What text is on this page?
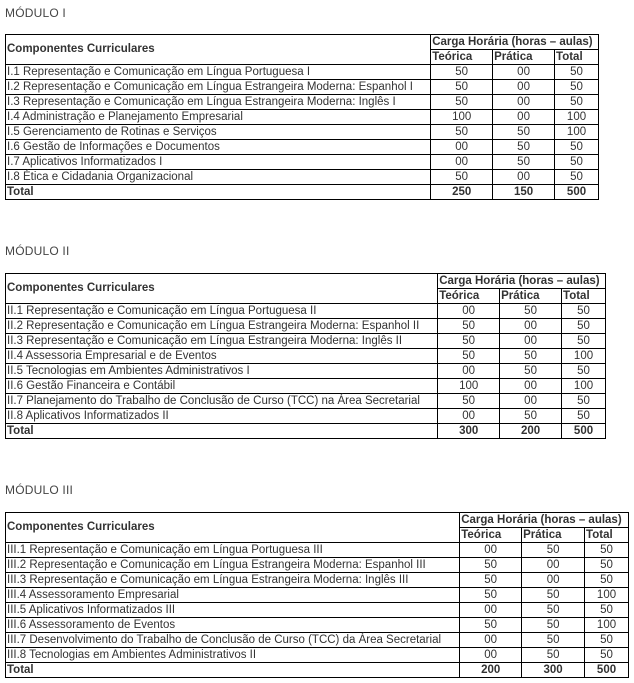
MÓDULO I
Componentes Curriculares	Carga Horária (horas – aulas)		
	Teórica	Prática	Total
I.1 Representação e Comunicação em Língua Portuguesa I	50	00	50
I.2 Representação e Comunicação em Língua Estrangeira Moderna: Espanhol I	50	00	50
I.3 Representação e Comunicação em Língua Estrangeira Moderna: Inglês I	50	00	50
I.4 Administração e Planejamento Empresarial	100	00	100
I.5 Gerenciamento de Rotinas e Serviços	50	50	100
I.6 Gestão de Informações e Documentos	00	50	50
I.7 Aplicativos Informatizados I	00	50	50
I.8 Ética e Cidadania Organizacional	50	00	50
Total	250	150	500
MÓDULO II
Componentes Curriculares	Carga Horária (horas – aulas)		
	Teórica	Prática	Total
II.1 Representação e Comunicação em Língua Portuguesa II	00	50	50
II.2 Representação e Comunicação em Língua Estrangeira Moderna: Espanhol II	50	00	50
II.3 Representação e Comunicação em Língua Estrangeira Moderna: Inglês II	50	00	50
II.4 Assessoria Empresarial e de Eventos	50	50	100
II.5 Tecnologias em Ambientes Administrativos I	00	50	50
II.6 Gestão Financeira e Contábil	100	00	100
II.7 Planejamento do Trabalho de Conclusão de Curso (TCC) na Área Secretarial	50	00	50
II.8 Aplicativos Informatizados II	00	50	50
Total	300	200	500
MÓDULO III
Componentes Curriculares	Carga Horária (horas – aulas)		
	Teórica	Prática	Total
III.1 Representação e Comunicação em Língua Portuguesa III	00	50	50
III.2 Representação e Comunicação em Língua Estrangeira Moderna: Espanhol III	50	00	50
III.3 Representação e Comunicação em Língua Estrangeira Moderna: Inglês III	50	00	50
III.4 Assessoramento Empresarial	50	50	100
III.5 Aplicativos Informatizados III	00	50	50
III.6 Assessoramento de Eventos	50	50	100
III.7 Desenvolvimento do Trabalho de Conclusão de Curso (TCC) da Área Secretarial	00	50	50
III.8 Tecnologias em Ambientes Administrativos II	00	50	50
Total	200	300	500
